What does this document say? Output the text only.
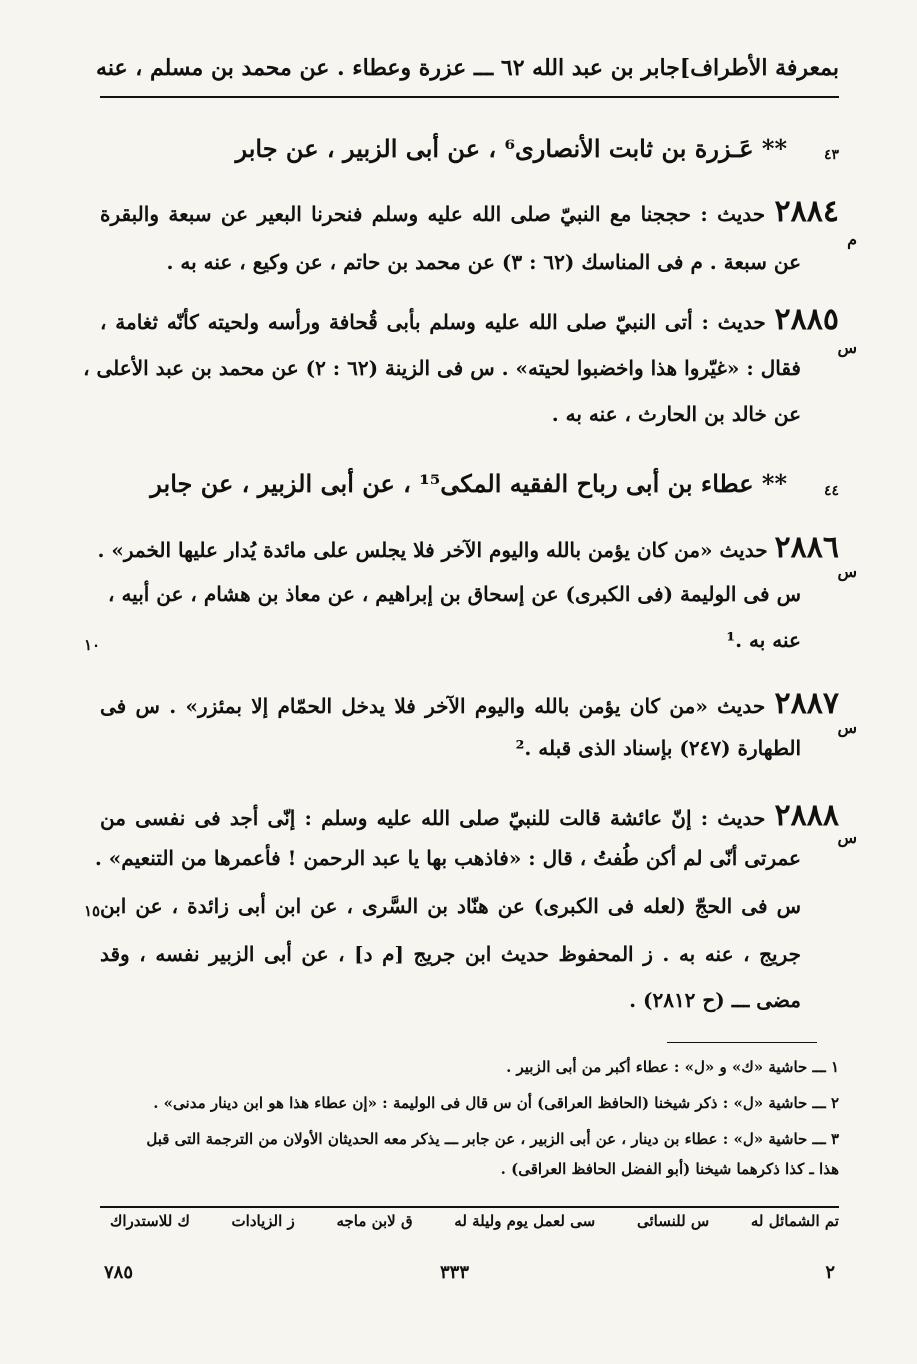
بمعرفة الأطراف]
جابر بن عبد الله ٦٢ ـــ عزرة وعطاء . عن محمد بن مسلم ، عنه
٤٣
** عَـزرة بن ثابت الأنصارى⁶ ، عن أبى الزبير ، عن جابر
٢٨٨٤ حديث : حججنا مع النبيّ صلى الله عليه وسلم فنحرنا البعير عن سبعة والبقرة
م
عن سبعة . م فى المناسك (٦٢ : ٣) عن محمد بن حاتم ، عن وكيع ، عنه به .
٢٨٨٥ حديث : أتى النبيّ صلى الله عليه وسلم بأبى قُحافة ورأسه ولحيته كأنّه ثغامة ،
س
فقال : «غيّروا هذا واخضبوا لحيته» . س فى الزينة (٦٢ : ٢) عن محمد بن عبد الأعلى ،
عن خالد بن الحارث ، عنه به .
٤٤
** عطاء بن أبى رباح الفقيه المكى¹⁵ ، عن أبى الزبير ، عن جابر
٢٨٨٦ حديث «من كان يؤمن بالله واليوم الآخر فلا يجلس على مائدة يُدار عليها الخمر» .
س
س فى الوليمة (فى الكبرى) عن إسحاق بن إبراهيم ، عن معاذ بن هشام ، عن أبيه ،
عنه به .¹
١٠
٢٨٨٧ حديث «من كان يؤمن بالله واليوم الآخر فلا يدخل الحمّام إلا بمئزر» . س فى
س
الطهارة (٢٤٧) بإسناد الذى قبله .²
٢٨٨٨ حديث : إنّ عائشة قالت للنبيّ صلى الله عليه وسلم : إنّى أجد فى نفسى من
س
عمرتى أنّى لم أكن طُفتُ ، قال : «فاذهب بها يا عبد الرحمن ! فأعمرها من التنعيم» .
س فى الحجّ (لعله فى الكبرى) عن هنّاد بن السَّرى ، عن ابن أبى زائدة ، عن ابن
جريج ، عنه به . ز المحفوظ حديث ابن جريج [م د] ، عن أبى الزبير نفسه ، وقد
مضى ـــ (ح ٢٨١٢) .
١٥
١ ـــ حاشية «ك» و «ل» : عطاء أكبر من أبى الزبير .
٢ ـــ حاشية «ل» : ذكر شيخنا (الحافظ العراقى) أن س قال فى الوليمة : «إن عطاء هذا هو ابن دينار مدنى» .
٣ ـــ حاشية «ل» : عطاء بن دينار ، عن أبى الزبير ، عن جابر ـــ يذكر معه الحديثان الأولان من الترجمة التى قبل
هذا ـ كذا ذكرهما شيخنا (أبو الفضل الحافظ العراقى) .
تم الشمائل له
س للنسائى
سى لعمل يوم وليلة له
ق لابن ماجه
ز الزيادات
ك للاستدراك
٢
٣٣٣
٧٨٥
